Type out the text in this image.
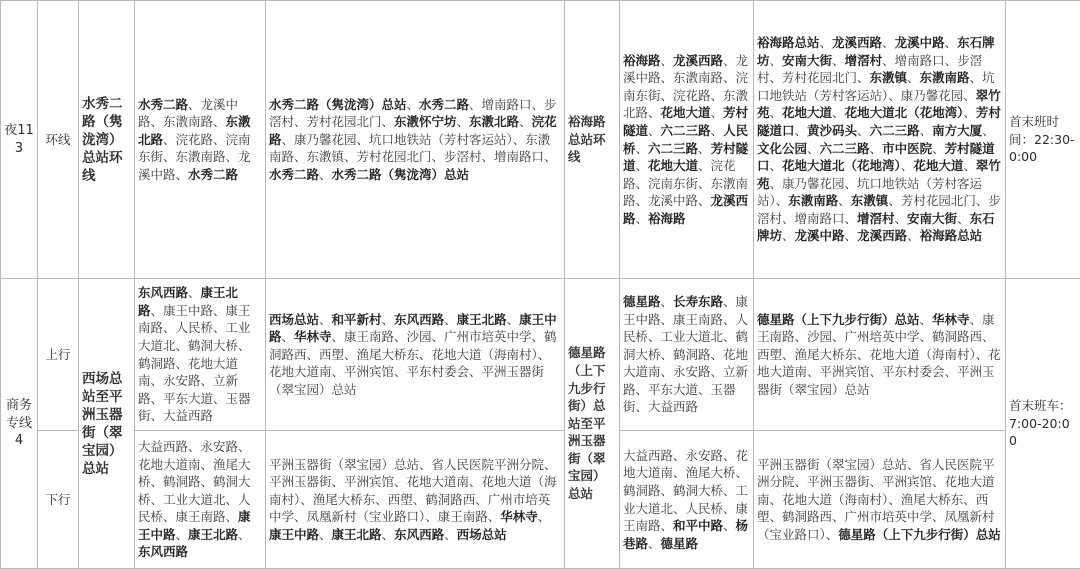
夜113	环线	水秀二路（隽泷湾）总站环线	水秀二路、龙溪中路、东漖南路、东漖北路、浣花路、浣南东街、东漖南路、龙溪中路、水秀二路	水秀二路（隽泷湾）总站、水秀二路、增南路口、步滘村、芳村花园北门、东漖怀宁坊、东漖北路、浣花路、康乃馨花园、坑口地铁站（芳村客运站）、东漖南路、东漖镇、芳村花园北门、步滘村、增南路口、水秀二路、水秀二路（隽泷湾）总站	裕海路总站环线	裕海路、龙溪西路、龙溪中路、东漖南路、浣南东街、浣花路、东漖北路、花地大道、芳村隧道、六二三路、人民桥、六二三路、芳村隧道、花地大道、浣花路、浣南东街、东漖南路、龙溪中路、龙溪西路、裕海路	裕海路总站、龙溪西路、龙溪中路、东石牌坊、安南大街、增滘村、增南路口、步滘村、芳村花园北门、东漖镇、东漖南路、坑口地铁站（芳村客运站）、康乃馨花园、翠竹苑、花地大道、花地大道北（花地湾）、芳村隧道口、黄沙码头、六二三路、南方大厦、文化公园、六二三路、市中医院、芳村隧道口、花地大道北（花地湾）、花地大道、翠竹苑、康乃馨花园、坑口地铁站（芳村客运站）、东漖南路、东漖镇、芳村花园北门、步滘村、增南路口、增滘村、安南大街、东石牌坊、龙溪中路、龙溪西路、裕海路总站	首末班时间：22:30-0:00
商务专线4	上行	西场总站至平洲玉器街（翠宝园）总站	东风西路、康王北路、康王中路、康王南路、人民桥、工业大道北、鹤洞大桥、鹤洞路、花地大道南、永安路、立新路、平东大道、玉器街、大益西路	西场总站、和平新村、东风西路、康王北路、康王中路、华林寺、康王南路、沙园、广州市培英中学、鹤洞路西、西塱、渔尾大桥东、花地大道（海南村）、花地大道南、平洲宾馆、平东村委会、平洲玉器街（翠宝园）总站	德星路（上下九步行街）总站至平洲玉器街（翠宝园）总站	德星路、长寿东路、康王中路、康王南路、人民桥、工业大道北、鹤洞大桥、鹤洞路、花地大道南、永安路、立新路、平东大道、玉器街、大益西路	德星路（上下九步行街）总站、华林寺、康王南路、沙园、广州培英中学、鹤洞路西、西塱、渔尾大桥东、花地大道（海南村）、花地大道南、平洲宾馆、平东村委会、平洲玉器街（翠宝园）总站	首末班车：7:00-20:00
	下行		大益西路、永安路、花地大道南、渔尾大桥、鹤洞路、鹤洞大桥、工业大道北、人民桥、康王南路、康王中路、康王北路、东风西路	平洲玉器街（翠宝园）总站、省人民医院平洲分院、平洲玉器街、平洲宾馆、花地大道南、花地大道（海南村）、渔尾大桥东、西塱、鹤洞路西、广州市培英中学、凤凰新村（宝业路口）、康王南路、华林寺、康王中路、康王北路、东风西路、西场总站		大益西路、永安路、花地大道南、渔尾大桥、鹤洞路、鹤洞大桥、工业大道北、人民桥、康王南路、和平中路、杨巷路、德星路	平洲玉器街（翠宝园）总站、省人民医院平洲分院、平洲玉器街、平洲宾馆、花地大道南、花地大道（海南村）、渔尾大桥东、西塱、鹤洞路西、广州市培英中学、凤凰新村（宝业路口）、德星路（上下九步行街）总站	
